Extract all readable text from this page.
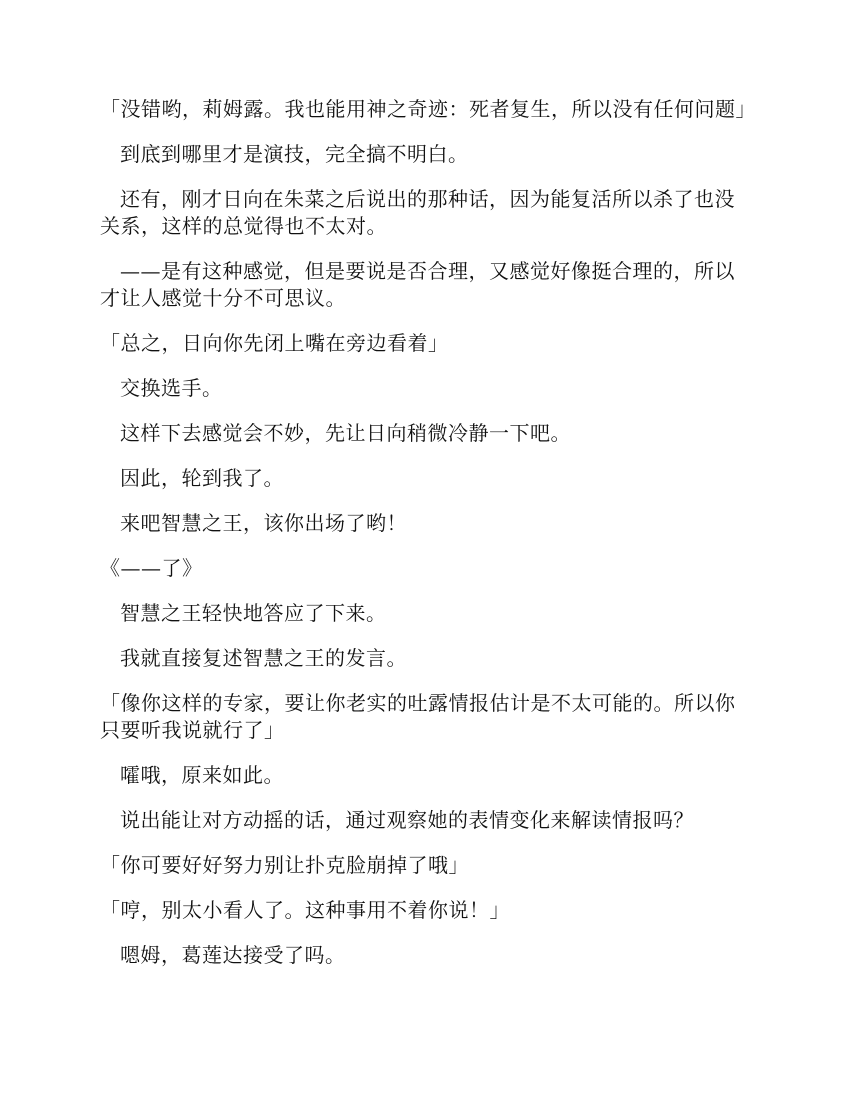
「没错哟，莉姆露。我也能用神之奇迹：死者复生，所以没有任何问题」

到底到哪里才是演技，完全搞不明白。

还有，刚才日向在朱菜之后说出的那种话，因为能复活所以杀了也没关系，这样的总觉得也不太对。

——是有这种感觉，但是要说是否合理，又感觉好像挺合理的，所以才让人感觉十分不可思议。

「总之，日向你先闭上嘴在旁边看着」

交换选手。

这样下去感觉会不妙，先让日向稍微冷静一下吧。

因此，轮到我了。

来吧智慧之王，该你出场了哟！

《——了》

智慧之王轻快地答应了下来。

我就直接复述智慧之王的发言。

「像你这样的专家，要让你老实的吐露情报估计是不太可能的。所以你只要听我说就行了」

嚯哦，原来如此。

说出能让对方动摇的话，通过观察她的表情变化来解读情报吗？

「你可要好好努力别让扑克脸崩掉了哦」

「哼，别太小看人了。这种事用不着你说！」

嗯姆，葛莲达接受了吗。
